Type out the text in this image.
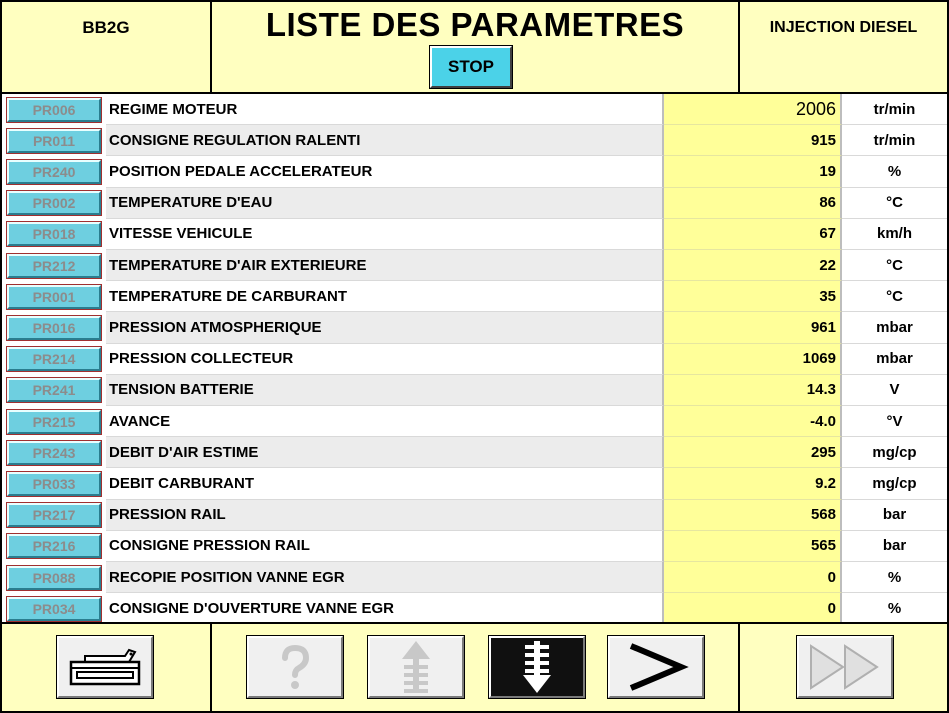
BB2G	LISTE DES PARAMETRES
STOP
INJECTION DIESEL
PR006	REGIME MOTEUR	2006	tr/min
PR011	CONSIGNE REGULATION RALENTI	915	tr/min
PR240	POSITION PEDALE ACCELERATEUR	19	%
PR002	TEMPERATURE D'EAU	86	°C
PR018	VITESSE VEHICULE	67	km/h
PR212	TEMPERATURE D'AIR EXTERIEURE	22	°C
PR001	TEMPERATURE DE CARBURANT	35	°C
PR016	PRESSION ATMOSPHERIQUE	961	mbar
PR214	PRESSION COLLECTEUR	1069	mbar
PR241	TENSION BATTERIE	14.3	V
PR215	AVANCE	-4.0	°V
PR243	DEBIT D'AIR ESTIME	295	mg/cp
PR033	DEBIT CARBURANT	9.2	mg/cp
PR217	PRESSION RAIL	568	bar
PR216	CONSIGNE PRESSION RAIL	565	bar
PR088	RECOPIE POSITION VANNE EGR	0	%
PR034	CONSIGNE D'OUVERTURE VANNE EGR	0	%
